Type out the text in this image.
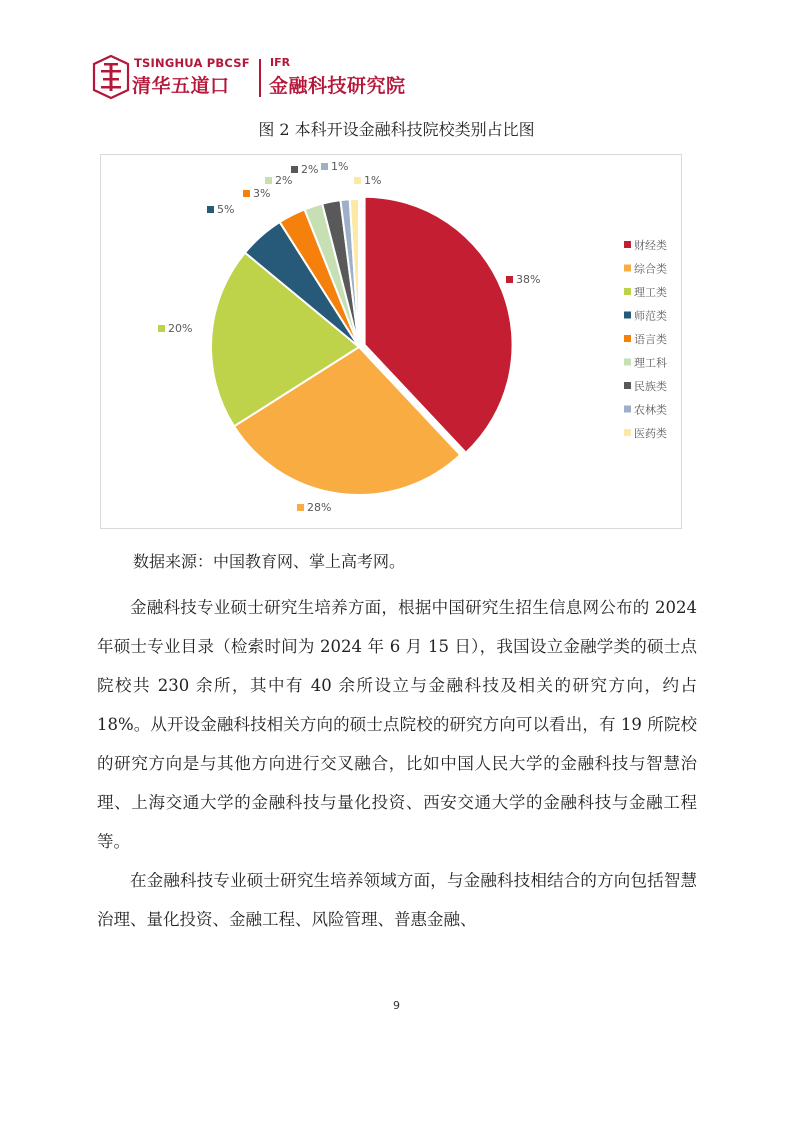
TSINGHUA PBCSF
清华五道口
IFR
金融科技研究院
图 2 本科开设金融科技院校类别占比图
38%
28%
20%
5%
3%
2%
2% 1%
1%
财经类
综合类
理工类
师范类
语言类
理工科
民族类
农林类
医药类
数据来源：中国教育网、掌上高考网。

金融科技专业硕士研究生培养方面，根据中国研究生招生信息网公布的 2024 年硕士专业目录（检索时间为 2024 年 6 月 15 日），我国设立金融学类的硕士点院校共 230 余所，其中有 40 余所设立与金融科技及相关的研究方向，约占 18%。从开设金融科技相关方向的硕士点院校的研究方向可以看出，有 19 所院校的研究方向是与其他方向进行交叉融合，比如中国人民大学的金融科技与智慧治理、上海交通大学的金融科技与量化投资、西安交通大学的金融科技与金融工程等。

在金融科技专业硕士研究生培养领域方面，与金融科技相结合的方向包括智慧治理、量化投资、金融工程、风险管理、普惠金融、

9
